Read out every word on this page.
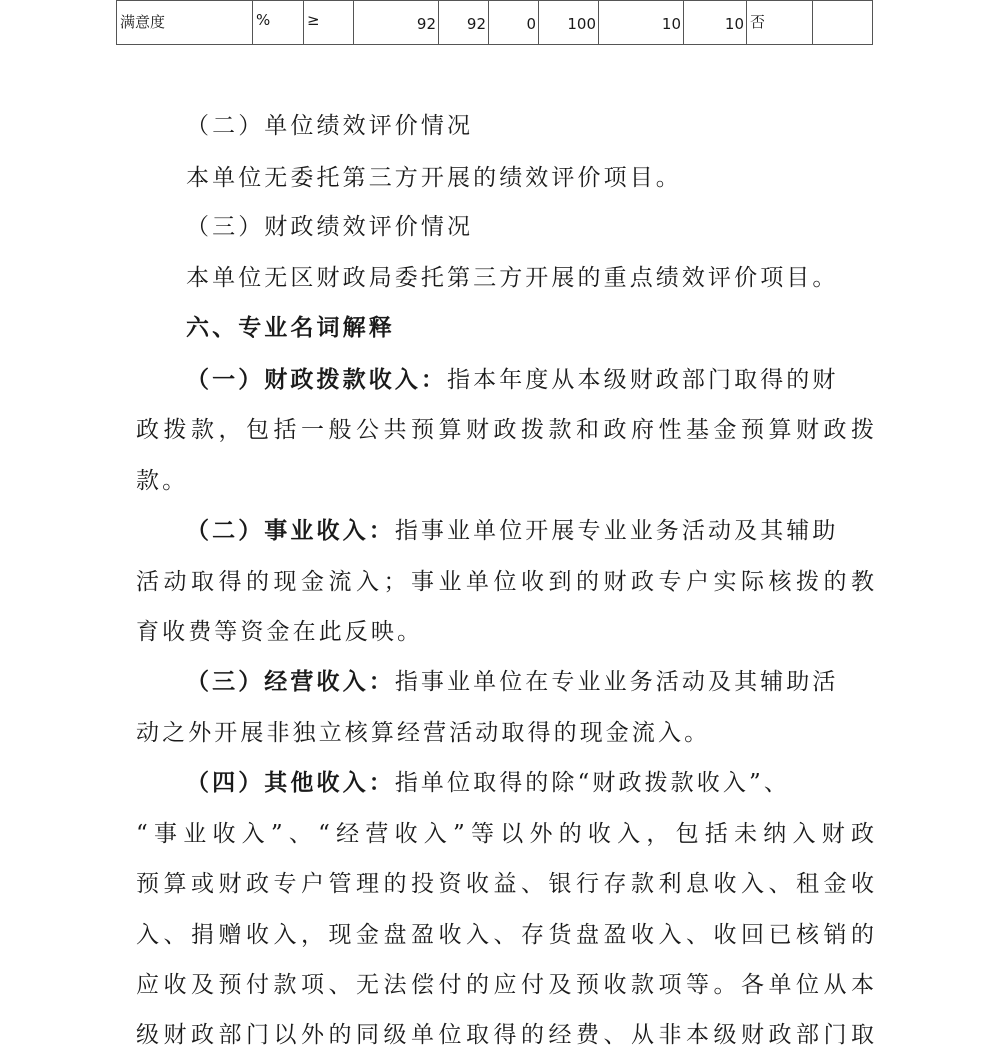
满意度	%	≥	92	92	0	100	10	10	否	
（二）单位绩效评价情况
本单位无委托第三方开展的绩效评价项目。
（三）财政绩效评价情况
本单位无区财政局委托第三方开展的重点绩效评价项目。
六、专业名词解释
（一）财政拨款收入：指本年度从本级财政部门取得的财
政拨款，包括一般公共预算财政拨款和政府性基金预算财政拨
款。
（二）事业收入：指事业单位开展专业业务活动及其辅助
活动取得的现金流入；事业单位收到的财政专户实际核拨的教
育收费等资金在此反映。
（三）经营收入：指事业单位在专业业务活动及其辅助活
动之外开展非独立核算经营活动取得的现金流入。
（四）其他收入：指单位取得的除“财政拨款收入”、
“事业收入”、“经营收入”等以外的收入，包括未纳入财政
预算或财政专户管理的投资收益、银行存款利息收入、租金收
入、捐赠收入，现金盘盈收入、存货盘盈收入、收回已核销的
应收及预付款项、无法偿付的应付及预收款项等。各单位从本
级财政部门以外的同级单位取得的经费、从非本级财政部门取
